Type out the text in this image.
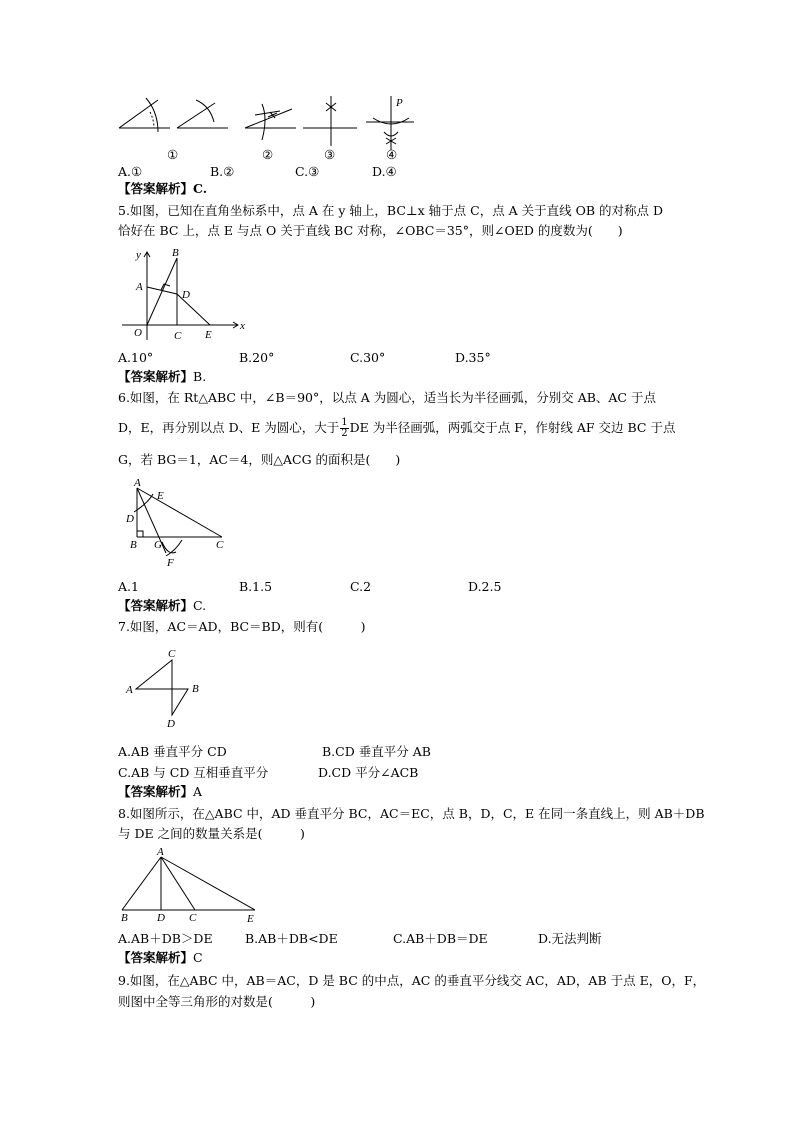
P
①	②	③	④
A.①	B.②	C.③	D.④
【答案解析】C.
5.如图，已知在直角坐标系中，点 A 在 y 轴上，BC⊥x 轴于点 C，点 A 关于直线 OB 的对称点 D
恰好在 BC 上，点 E 与点 O 关于直线 BC 对称，∠OBC＝35°，则∠OED 的度数为(　　)
y
x
B
A
D
O	C E
A.10°	B.20°	C.30°	D.35°
【答案解析】B.
6.如图，在 Rt△ABC 中，∠B＝90°，以点 A 为圆心，适当长为半径画弧，分别交 AB、AC 于点
D，E，再分别以点 D、E 为圆心，大于 $\frac{1}{2}$ DE 为半径画弧，两弧交于点 F，作射线 AF 交边 BC 于点
G，若 BG＝1，AC＝4，则△ACG 的面积是(　　)
A
E
D
B G	C
F
A.1	B.1.5	C.2	D.2.5
【答案解析】C.
7.如图，AC＝AD，BC＝BD，则有(　　　)
C
A	B
D
A.AB 垂直平分 CD	B.CD 垂直平分 AB
C.AB 与 CD 互相垂直平分	D.CD 平分∠ACB
【答案解析】A
8.如图所示，在△ABC 中，AD 垂直平分 BC，AC＝EC，点 B，D，C，E 在同一条直线上，则 AB＋DB
与 DE 之间的数量关系是(　　　)
A
B	D C	E
A.AB＋DB＞DE	B.AB＋DB<DE	C.AB＋DB＝DE	D.无法判断
【答案解析】C
9.如图，在△ABC 中，AB＝AC，D 是 BC 的中点，AC 的垂直平分线交 AC，AD，AB 于点 E，O，F，
则图中全等三角形的对数是(　　　)
